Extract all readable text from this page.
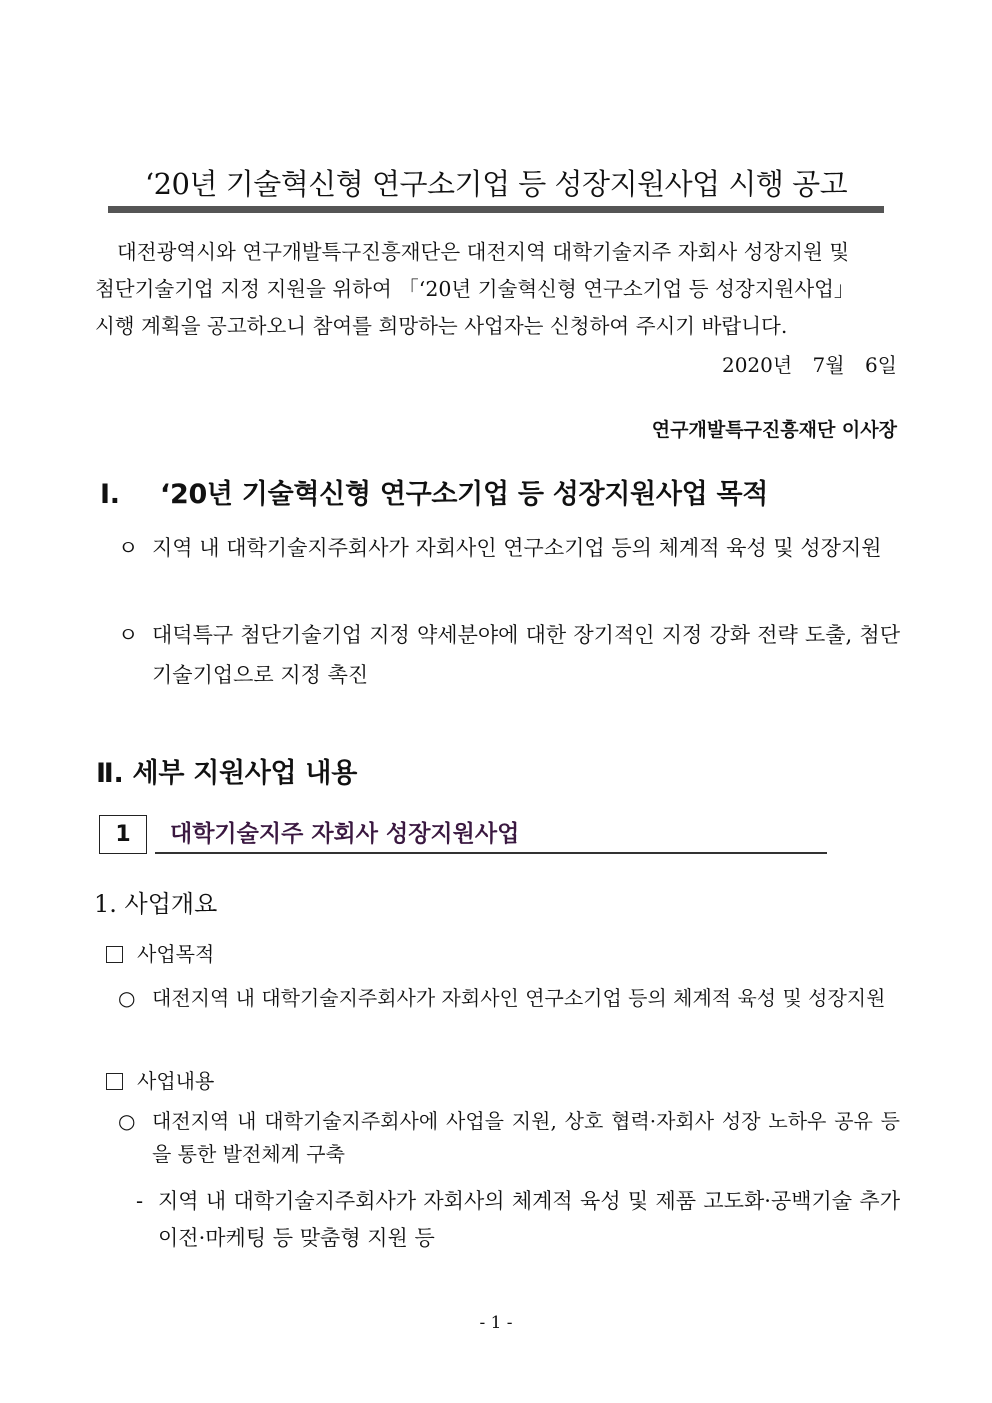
‘20년 기술혁신형 연구소기업 등 성장지원사업 시행 공고
대전광역시와 연구개발특구진흥재단은 대전지역 대학기술지주 자회사 성장지원 및
첨단기술기업 지정 지원을 위하여 「‘20년 기술혁신형 연구소기업 등 성장지원사업」
시행 계획을 공고하오니 참여를 희망하는 사업자는 신청하여 주시기 바랍니다.
2020년 7월 6일
연구개발특구진흥재단 이사장
Ⅰ. ‘20년 기술혁신형 연구소기업 등 성장지원사업 목적
ㅇ 지역 내 대학기술지주회사가 자회사인 연구소기업 등의 체계적 육성 및 성장지원
ㅇ 대덕특구 첨단기술기업 지정 약세분야에 대한 장기적인 지정 강화 전략 도출, 첨단기술기업으로 지정 촉진
Ⅱ. 세부 지원사업 내용
1	대학기술지주 자회사 성장지원사업
1. 사업개요
사업목적
○ 대전지역 내 대학기술지주회사가 자회사인 연구소기업 등의 체계적 육성 및 성장지원
사업내용
○ 대전지역 내 대학기술지주회사에 사업을 지원, 상호 협력·자회사 성장 노하우 공유 등을 통한 발전체계 구축
- 지역 내 대학기술지주회사가 자회사의 체계적 육성 및 제품 고도화·공백기술 추가이전·마케팅 등 맞춤형 지원 등
- 1 -
